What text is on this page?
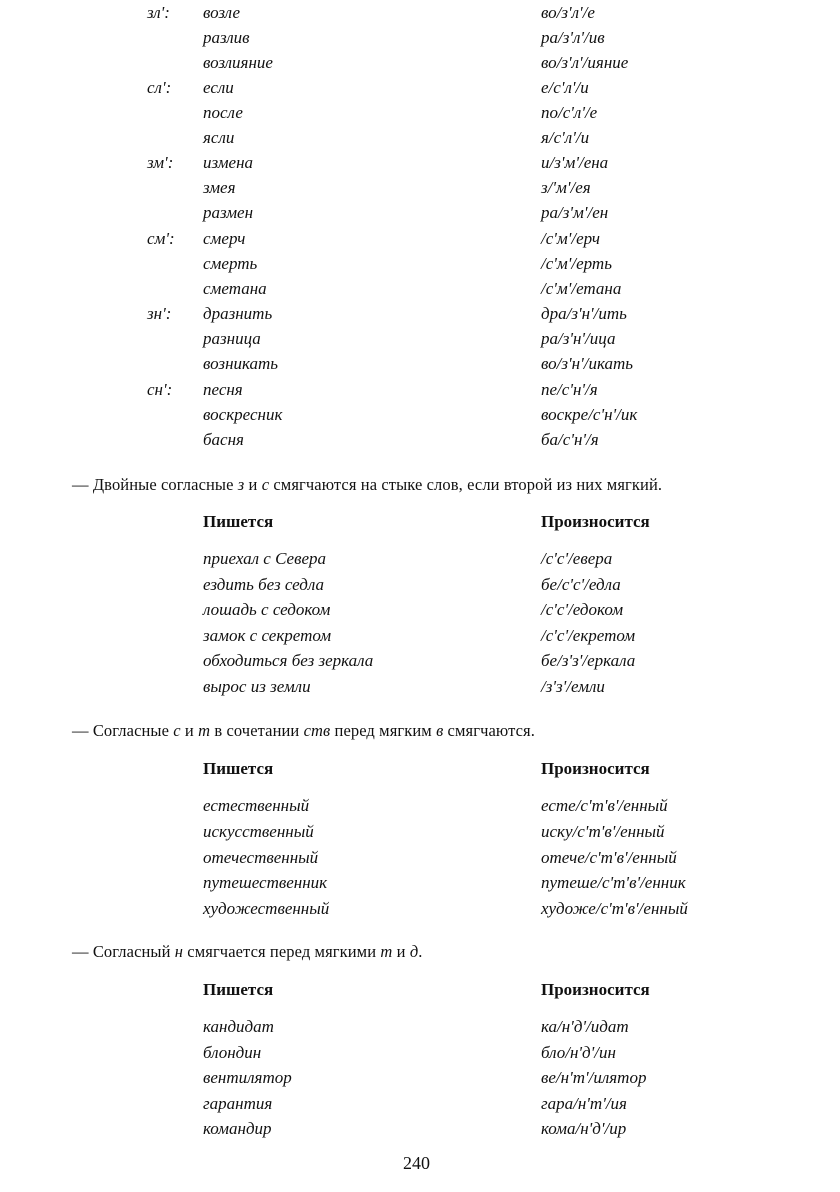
зл': возле	во/з'л'/е
разлив	ра/з'л'/ив
возлияние	во/з'л'/ияние
сл': если	е/с'л'/и
после	по/с'л'/е
ясли	я/с'л'/и
зм': измена	и/з'м'/ена
змея	з/'м'/ея
размен	ра/з'м'/ен
см': смерч	/с'м'/ерч
смерть	/с'м'/ерть
сметана	/с'м'/етана
зн': дразнить	дра/з'н'/ить
разница	ра/з'н'/ица
возникать	во/з'н'/икать
сн': песня	пе/с'н'/я
воскресник	воскре/с'н'/ик
басня	ба/с'н'/я
— Двойные согласные з и с смягчаются на стыке слов, если второй из них мягкий.
Пишется	Произносится
приехал с Севера	/с'с'/евера
ездить без седла	бе/с'с'/едла
лошадь с седоком	/с'с'/едоком
замок с секретом	/с'с'/екретом
обходиться без зеркала	бе/з'з'/еркала
вырос из земли	/з'з'/емли
— Согласные с и т в сочетании ств перед мягким в смягчаются.
Пишется	Произносится
естественный	есте/с'т'в'/енный
искусственный	иску/с'т'в'/енный
отечественный	отече/с'т'в'/енный
путешественник	путеше/с'т'в'/енник
художественный	художе/с'т'в'/енный
— Согласный н смягчается перед мягкими т и д.
Пишется	Произносится
кандидат	ка/н'д'/идат
блондин	бло/н'д'/ин
вентилятор	ве/н'т'/илятор
гарантия	гара/н'т'/ия
командир	кома/н'д'/ир
240
